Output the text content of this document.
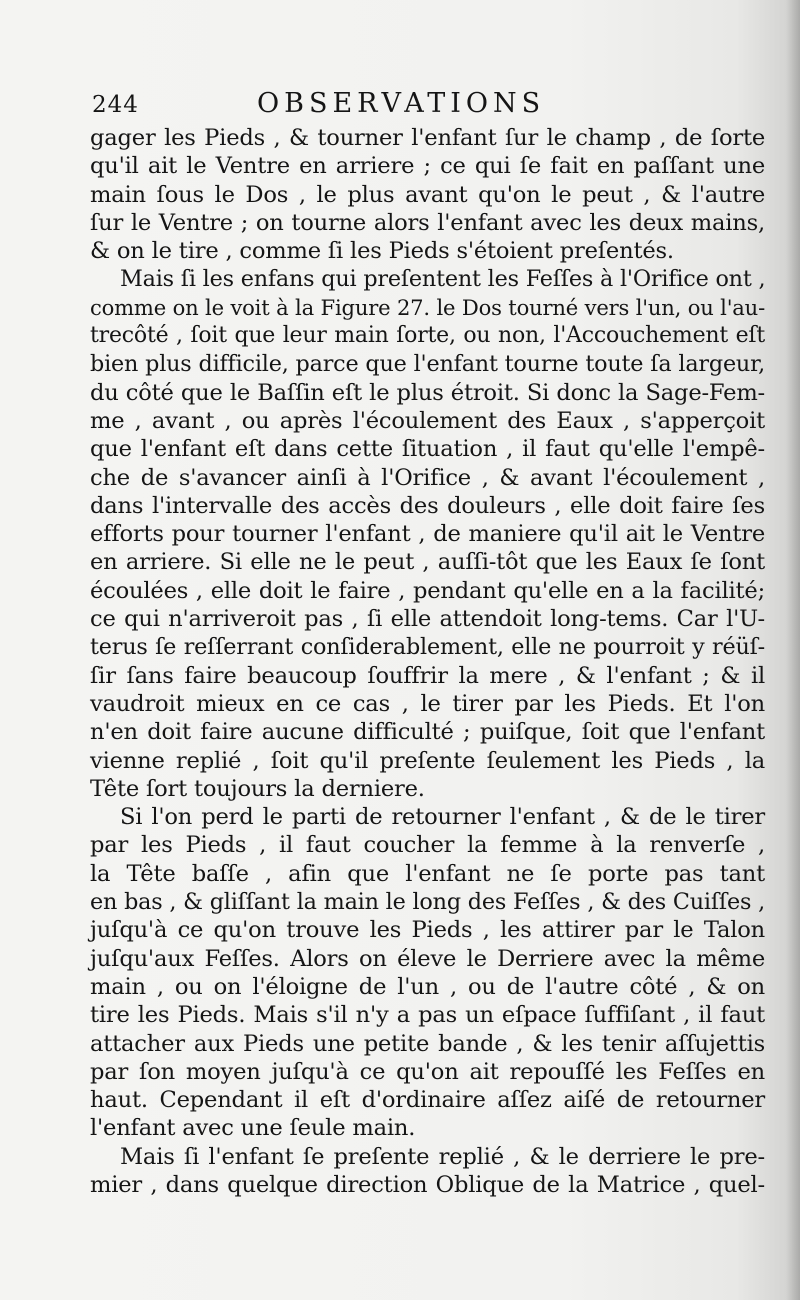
244	OBSERVATIONS
gager les Pieds , & tourner l'enfant ſur le champ , de ſorte
qu'il ait le Ventre en arriere ; ce qui ſe fait en paſſant une
main ſous le Dos , le plus avant qu'on le peut , & l'autre
ſur le Ventre ; on tourne alors l'enfant avec les deux mains,
& on le tire , comme ſi les Pieds s'étoient preſentés.
Mais ſi les enfans qui preſentent les Feſſes à l'Orifice ont ,
comme on le voit à la Figure 27. le Dos tourné vers l'un, ou l'au-
trecôté , ſoit que leur main ſorte, ou non, l'Accouchement eſt
bien plus difficile, parce que l'enfant tourne toute ſa largeur,
du côté que le Baſſin eſt le plus étroit. Si donc la Sage-Fem-
me , avant , ou après l'écoulement des Eaux , s'apperçoit
que l'enfant eſt dans cette ſituation , il faut qu'elle l'empê-
che de s'avancer ainſi à l'Orifice , & avant l'écoulement ,
dans l'intervalle des accès des douleurs , elle doit faire ſes
efforts pour tourner l'enfant , de maniere qu'il ait le Ventre
en arriere. Si elle ne le peut , auſſi-tôt que les Eaux ſe ſont
écoulées , elle doit le faire , pendant qu'elle en a la facilité;
ce qui n'arriveroit pas , ſi elle attendoit long-tems. Car l'U-
terus ſe reſſerrant conſiderablement, elle ne pourroit y réüſ-
ſir ſans faire beaucoup ſouffrir la mere , & l'enfant ; & il
vaudroit mieux en ce cas , le tirer par les Pieds. Et l'on
n'en doit faire aucune difficulté ; puiſque, ſoit que l'enfant
vienne replié , ſoit qu'il preſente ſeulement les Pieds , la
Tête ſort toujours la derniere.
Si l'on perd le parti de retourner l'enfant , & de le tirer
par les Pieds , il faut coucher la femme à la renverſe ,
la Tête baſſe , afin que l'enfant ne ſe porte pas tant
en bas , & gliſſant la main le long des Feſſes , & des Cuiſſes ,
juſqu'à ce qu'on trouve les Pieds , les attirer par le Talon
juſqu'aux Feſſes. Alors on éleve le Derriere avec la même
main , ou on l'éloigne de l'un , ou de l'autre côté , & on
tire les Pieds. Mais s'il n'y a pas un eſpace ſuffiſant , il faut
attacher aux Pieds une petite bande , & les tenir aſſujettis
par ſon moyen juſqu'à ce qu'on ait repouſſé les Feſſes en
haut. Cependant il eſt d'ordinaire aſſez aiſé de retourner
l'enfant avec une ſeule main.
Mais ſi l'enfant ſe preſente replié , & le derriere le pre-
mier , dans quelque direction Oblique de la Matrice , quel-
